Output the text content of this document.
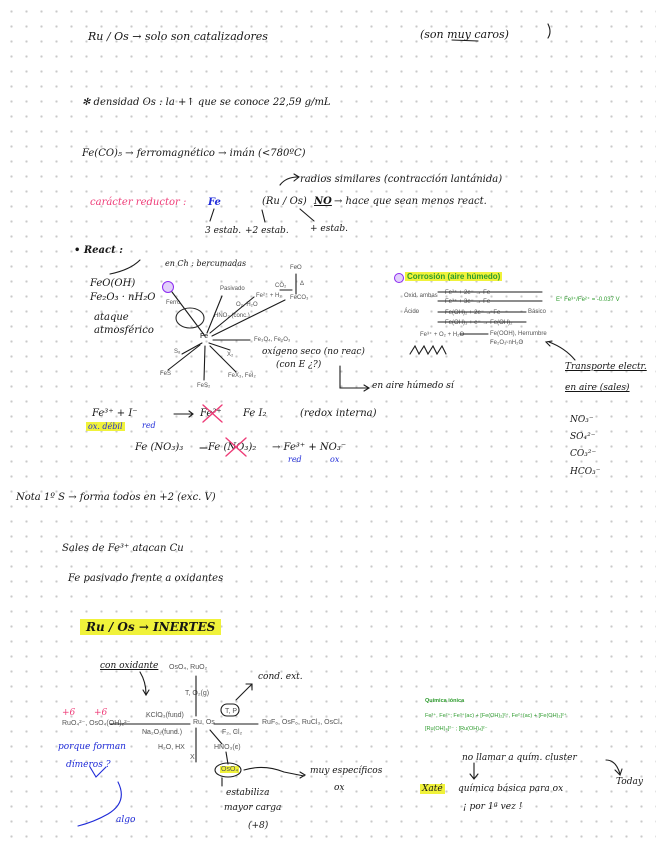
Ru / Os → solo son catalizadores	(son muy caros)
✻ densidad Os : la +↑ que se conoce 22,59 g/mL
Fe(CO)₅ → ferromagnético → imán (<780ºC)
radios similares (contracción lantánida)
carácter reductor : Fe	(Ru / Os) NO → hace que sean menos react.
3 estab. +2 estab. + estab.
• React :
en Ch : bercumadas
FeO(OH)
Fe₂O₃ · nH₂O
ataque
atmosférico
Pasivado
Ferro
Fe²⁺ + H₂
FeO
CO₂ Δ
FeCO₃
HNO₃ (conc.)
O₂, H₂O
Fe	Fe₃O₄, Fe₂O₃
X₂
S₈
FeS	FeX₃, FeI₂
FeS₂
oxígeno seco (no reac)
(con E ¿?)
en aire húmedo sí
Corrosión (aire húmedo)
Oxid. ambas
Ácido
Fe²⁺ + 2e⁻ → Fe
Fe³⁺ + 3e⁻ → Fe
Fe(OH)₂ + 2e⁻ → Fe
Fe(OH)₃ + e⁻ → Fe(OH)₂
Básico
Fe³⁺ + O₂ + H₂O	Fe(OOH), Herrumbre
Fe₂O₃·nH₂O
E° Fe³⁺/Fe²⁺ = -0.037 V
Transporte electr.
en aire (sales)
NO₃⁻
SO₄²⁻
CO₃²⁻
HCO₃⁻
Fe³⁺ + I⁻	Fe²⁺ Fe I₂	(redox interna)
ox. débil red
Fe (NO₃)₃ Fe (NO₃)₂ → Fe³⁺ + NO₃⁻
red	ox
Nota 1º S → forma todos en +2 (exc. V)
Sales de Fe³⁺ atacan Cu
Fe pasivado frente a oxidantes
Ru / Os → INERTES
con oxidante
cond. ext.
+6 +6
OsO₄, RuO₂
T, O₂(g)
KClO₃(fund)
Na₂O₂(fund.)
RuO₄²⁻, OsO₄(OH)₂²⁻	Ru, Os
F₂, Cl₂
RuF₆, OsF₆, RuCl₃, OsCl₄
H₂O, HX	HNO₃(c)
OsO₄
T, P
X
porque forman
dímeros ?
algo
muy específicos
ox
estabiliza
mayor carga
(+8)
Química iónica
Fe³⁺, Fe²⁺; Fe³⁺(ac) + [Fe(OH)₂]²⁺, Fe²⁺(ac) + [Fe(OH)₂]²⁺
[Ru(OH)₄]²⁻ ; [Ru(OH)₄]²⁻
no llamar a quím. cluster
Today
Xaté química básica para ox
¡ por 1ª vez !
